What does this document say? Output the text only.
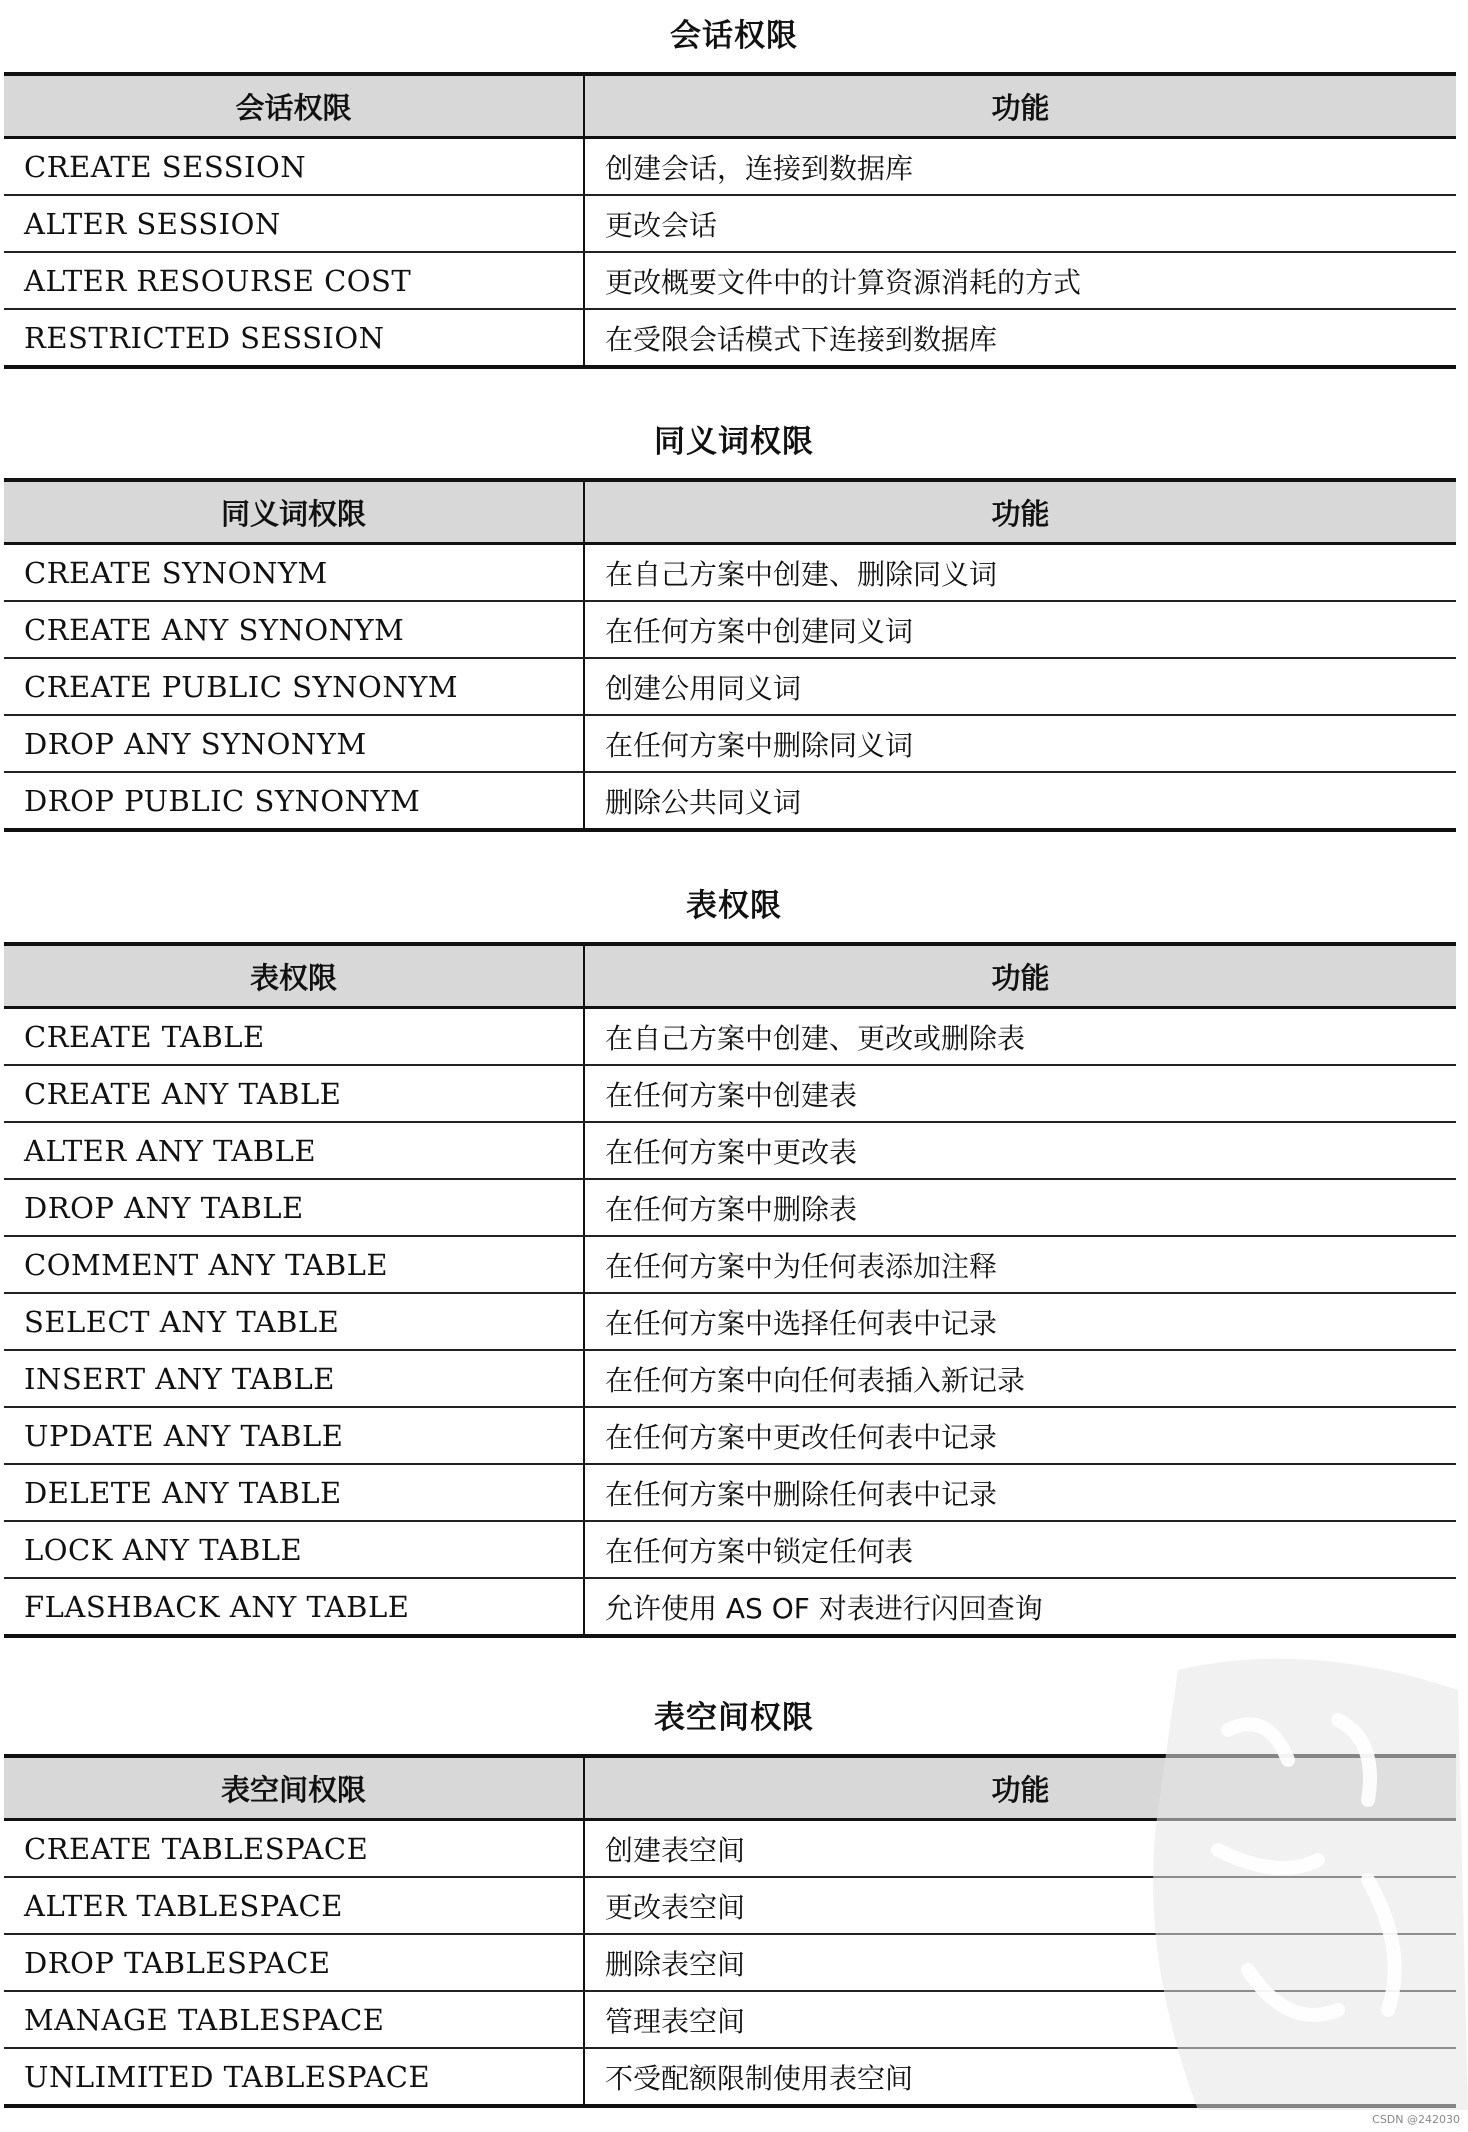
会话权限
会话权限	功能
CREATE SESSION	创建会话，连接到数据库
ALTER SESSION	更改会话
ALTER RESOURSE COST	更改概要文件中的计算资源消耗的方式
RESTRICTED SESSION	在受限会话模式下连接到数据库
同义词权限
同义词权限	功能
CREATE SYNONYM	在自己方案中创建、删除同义词
CREATE ANY SYNONYM	在任何方案中创建同义词
CREATE PUBLIC SYNONYM	创建公用同义词
DROP ANY SYNONYM	在任何方案中删除同义词
DROP PUBLIC SYNONYM	删除公共同义词
表权限
表权限	功能
CREATE TABLE	在自己方案中创建、更改或删除表
CREATE ANY TABLE	在任何方案中创建表
ALTER ANY TABLE	在任何方案中更改表
DROP ANY TABLE	在任何方案中删除表
COMMENT ANY TABLE	在任何方案中为任何表添加注释
SELECT ANY TABLE	在任何方案中选择任何表中记录
INSERT ANY TABLE	在任何方案中向任何表插入新记录
UPDATE ANY TABLE	在任何方案中更改任何表中记录
DELETE ANY TABLE	在任何方案中删除任何表中记录
LOCK ANY TABLE	在任何方案中锁定任何表
FLASHBACK ANY TABLE	允许使用 AS OF 对表进行闪回查询
表空间权限
表空间权限	功能
CREATE TABLESPACE	创建表空间
ALTER TABLESPACE	更改表空间
DROP TABLESPACE	删除表空间
MANAGE TABLESPACE	管理表空间
UNLIMITED TABLESPACE	不受配额限制使用表空间
CSDN @242030
